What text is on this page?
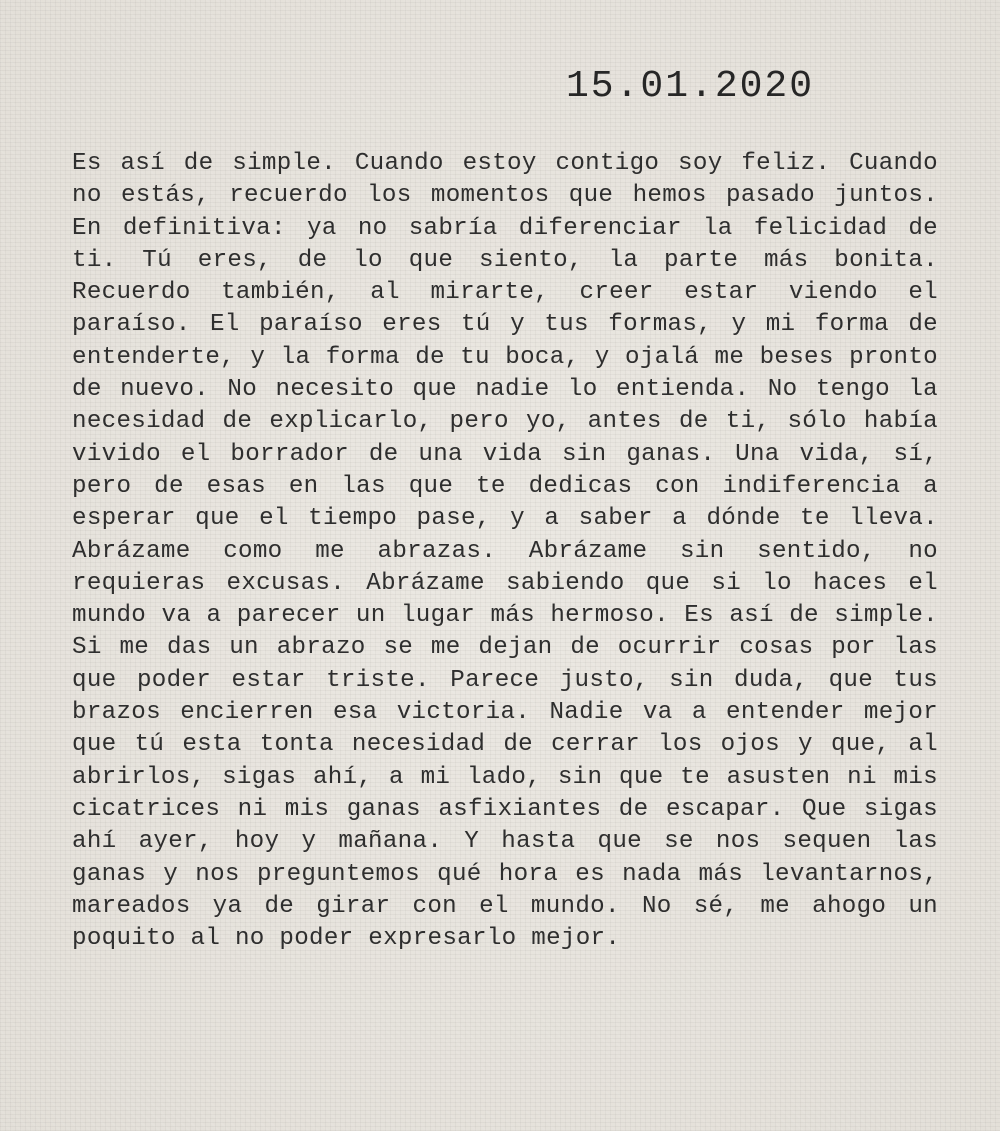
15.01.2020

Es así de simple. Cuando estoy contigo soy feliz. Cuando no estás, recuerdo los momentos que hemos pasado juntos. En definitiva: ya no sabría diferenciar la felicidad de ti. Tú eres, de lo que siento, la parte más bonita. Recuerdo también, al mirarte, creer estar viendo el paraíso. El paraíso eres tú y tus formas, y mi forma de entenderte, y la forma de tu boca, y ojalá me beses pronto de nuevo. No necesito que nadie lo entienda. No tengo la necesidad de explicarlo, pero yo, antes de ti, sólo había vivido el borrador de una vida sin ganas. Una vida, sí, pero de esas en las que te dedicas con indiferencia a esperar que el tiempo pase, y a saber a dónde te lleva. Abrázame como me abrazas. Abrázame sin sentido, no requieras excusas. Abrázame sabiendo que si lo haces el mundo va a parecer un lugar más hermoso. Es así de simple. Si me das un abrazo se me dejan de ocurrir cosas por las que poder estar triste. Parece justo, sin duda, que tus brazos encierren esa victoria. Nadie va a entender mejor que tú esta tonta necesidad de cerrar los ojos y que, al abrirlos, sigas ahí, a mi lado, sin que te asusten ni mis cicatrices ni mis ganas asfixiantes de escapar. Que sigas ahí ayer, hoy y mañana. Y hasta que se nos sequen las ganas y nos preguntemos qué hora es nada más levantarnos, mareados ya de girar con el mundo. No sé, me ahogo un poquito al no poder expresarlo mejor.
